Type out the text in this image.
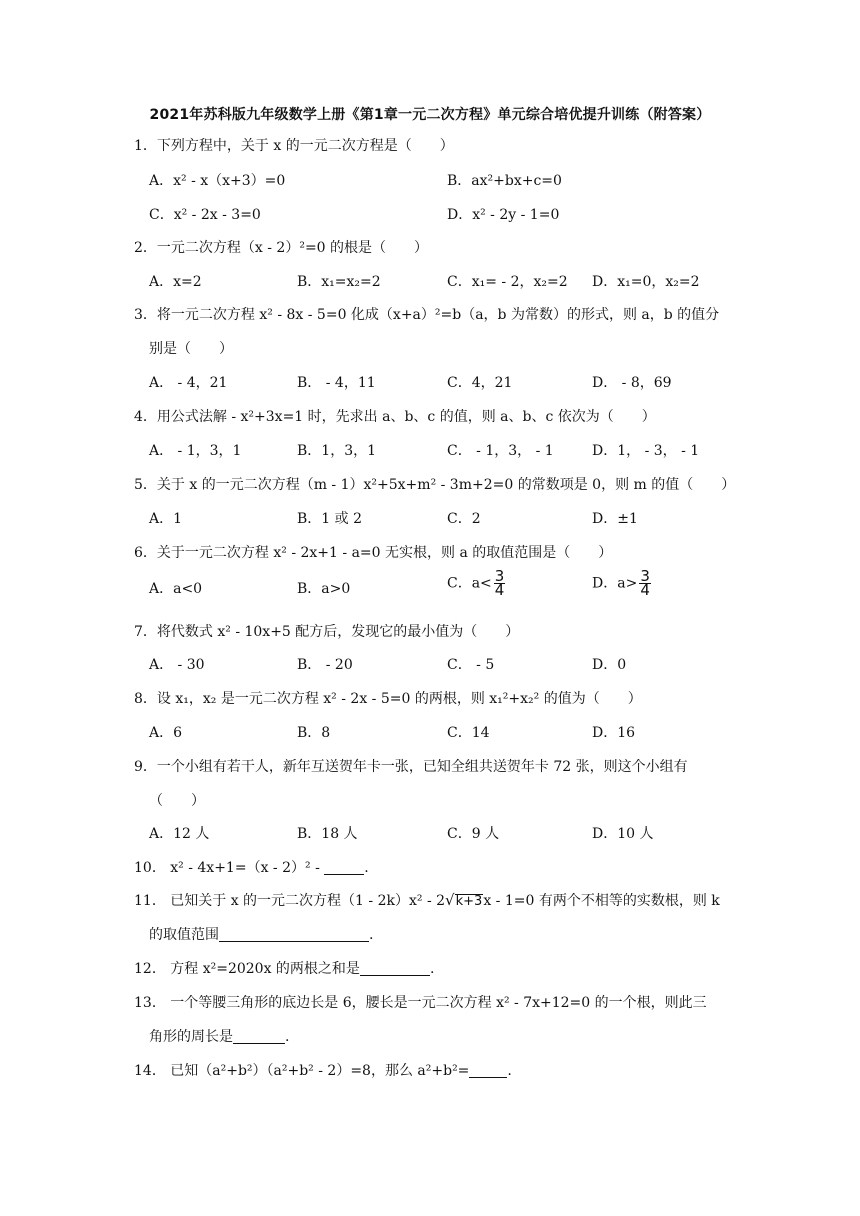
2021年苏科版九年级数学上册《第1章一元二次方程》单元综合培优提升训练（附答案）
1．下列方程中，关于 x 的一元二次方程是（　　）
A．x² - x（x+3）=0	B．ax²+bx+c=0
C．x² - 2x - 3=0	D．x² - 2y - 1=0
2．一元二次方程（x - 2）²=0 的根是（　　）
A．x=2	B．x₁=x₂=2	C．x₁= - 2，x₂=2 D．x₁=0，x₂=2
3．将一元二次方程 x² - 8x - 5=0 化成（x+a）²=b（a，b 为常数）的形式，则 a，b 的值分
别是（　　）
A． - 4，21	B． - 4，11	C．4，21	D． - 8，69
4．用公式法解 - x²+3x=1 时，先求出 a、b、c 的值，则 a、b、c 依次为（　　）
A． - 1，3，1	B．1，3，1	C． - 1，3， - 1	D．1， - 3， - 1
5．关于 x 的一元二次方程（m - 1）x²+5x+m² - 3m+2=0 的常数项是 0，则 m 的值（　　）
A．1	B．1 或 2	C．2	D．±1
6．关于一元二次方程 x² - 2x+1 - a=0 无实根，则 a 的取值范围是（　　）
A．a<0	B．a>0	C．$a< \frac{3}{4}$	D．$a> \frac{3}{4}$
7．将代数式 x² - 10x+5 配方后，发现它的最小值为（　　）
A． - 30	B． - 20	C． - 5	D．0
8．设 x₁，x₂ 是一元二次方程 x² - 2x - 5=0 的两根，则 x₁²+x₂² 的值为（　　）
A．6	B．8	C．14	D．16
9．一个小组有若干人，新年互送贺年卡一张，已知全组共送贺年卡 72 张，则这个小组有
（　　）
A．12 人	B．18 人	C．9 人	D．10 人
10． x² - 4x+1=（x - 2）² -	.
11． 已知关于 x 的一元二次方程（1 - 2k）x² - 2√k+3x - 1=0 有两个不相等的实数根，则 k
的取值范围	.
12． 方程 x²=2020x 的两根之和是	.
13． 一个等腰三角形的底边长是 6，腰长是一元二次方程 x² - 7x+12=0 的一个根，则此三
角形的周长是	.
14． 已知（a²+b²）（a²+b² - 2）=8，那么 a²+b²=	.
